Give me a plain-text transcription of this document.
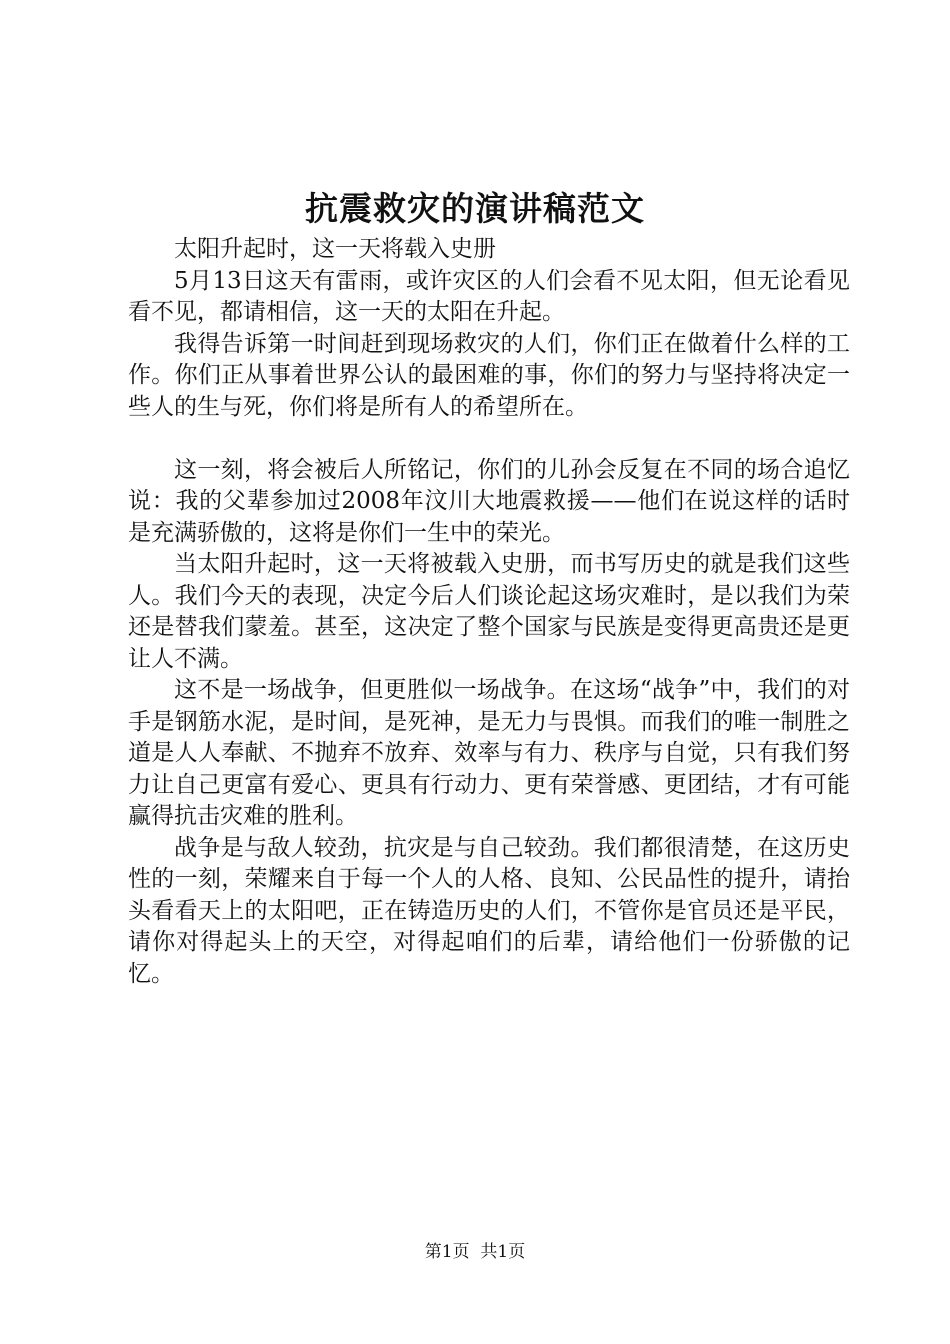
抗震救灾的演讲稿范文

太阳升起时，这一天将载入史册

5月13日这天有雷雨，或许灾区的人们会看不见太阳，但无论看见看不见，都请相信，这一天的太阳在升起。

我得告诉第一时间赶到现场救灾的人们，你们正在做着什么样的工作。你们正从事着世界公认的最困难的事，你们的努力与坚持将决定一些人的生与死，你们将是所有人的希望所在。

这一刻，将会被后人所铭记，你们的儿孙会反复在不同的场合追忆说：我的父辈参加过2008年汶川大地震救援——他们在说这样的话时是充满骄傲的，这将是你们一生中的荣光。

当太阳升起时，这一天将被载入史册，而书写历史的就是我们这些人。我们今天的表现，决定今后人们谈论起这场灾难时，是以我们为荣还是替我们蒙羞。甚至，这决定了整个国家与民族是变得更高贵还是更让人不满。

这不是一场战争，但更胜似一场战争。在这场“战争”中，我们的对手是钢筋水泥，是时间，是死神，是无力与畏惧。而我们的唯一制胜之道是人人奉献、不抛弃不放弃、效率与有力、秩序与自觉，只有我们努力让自己更富有爱心、更具有行动力、更有荣誉感、更团结，才有可能赢得抗击灾难的胜利。

战争是与敌人较劲，抗灾是与自己较劲。我们都很清楚，在这历史性的一刻，荣耀来自于每一个人的人格、良知、公民品性的提升，请抬头看看天上的太阳吧，正在铸造历史的人们，不管你是官员还是平民，请你对得起头上的天空，对得起咱们的后辈，请给他们一份骄傲的记忆。

第1页  共1页
